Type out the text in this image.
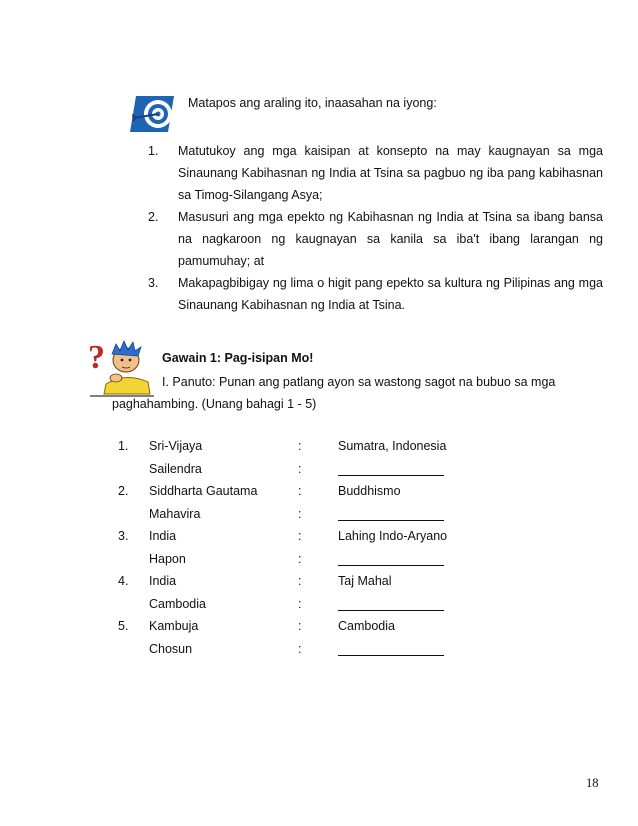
Matapos ang araling ito, inaasahan na iyong:
1. Matutukoy ang mga kaisipan at konsepto na may kaugnayan sa mga Sinaunang Kabihasnan ng India at Tsina sa pagbuo ng iba pang kabihasnan sa Timog-Silangang Asya;
2. Masusuri ang mga epekto ng Kabihasnan ng India at Tsina sa ibang bansa na nagkaroon ng kaugnayan sa kanila sa iba't ibang larangan ng pamumuhay; at
3. Makapagbibigay ng lima o higit pang epekto sa kultura ng Pilipinas ang mga Sinaunang Kabihasnan ng India at Tsina.
?	Gawain 1: Pag-isipan Mo!
I. Panuto: Punan ang patlang ayon sa wastong sagot na bubuo sa mga
paghahambing. (Unang bahagi 1 - 5)
1. Sri-Vijaya	:	Sumatra, Indonesia
Sailendra	:
2. Siddharta Gautama	:	Buddhismo
Mahavira	:
3. India	:	Lahing Indo-Aryano
Hapon	:
4. India	:	Taj Mahal
Cambodia	:
5. Kambuja	:	Cambodia
Chosun	:
18
